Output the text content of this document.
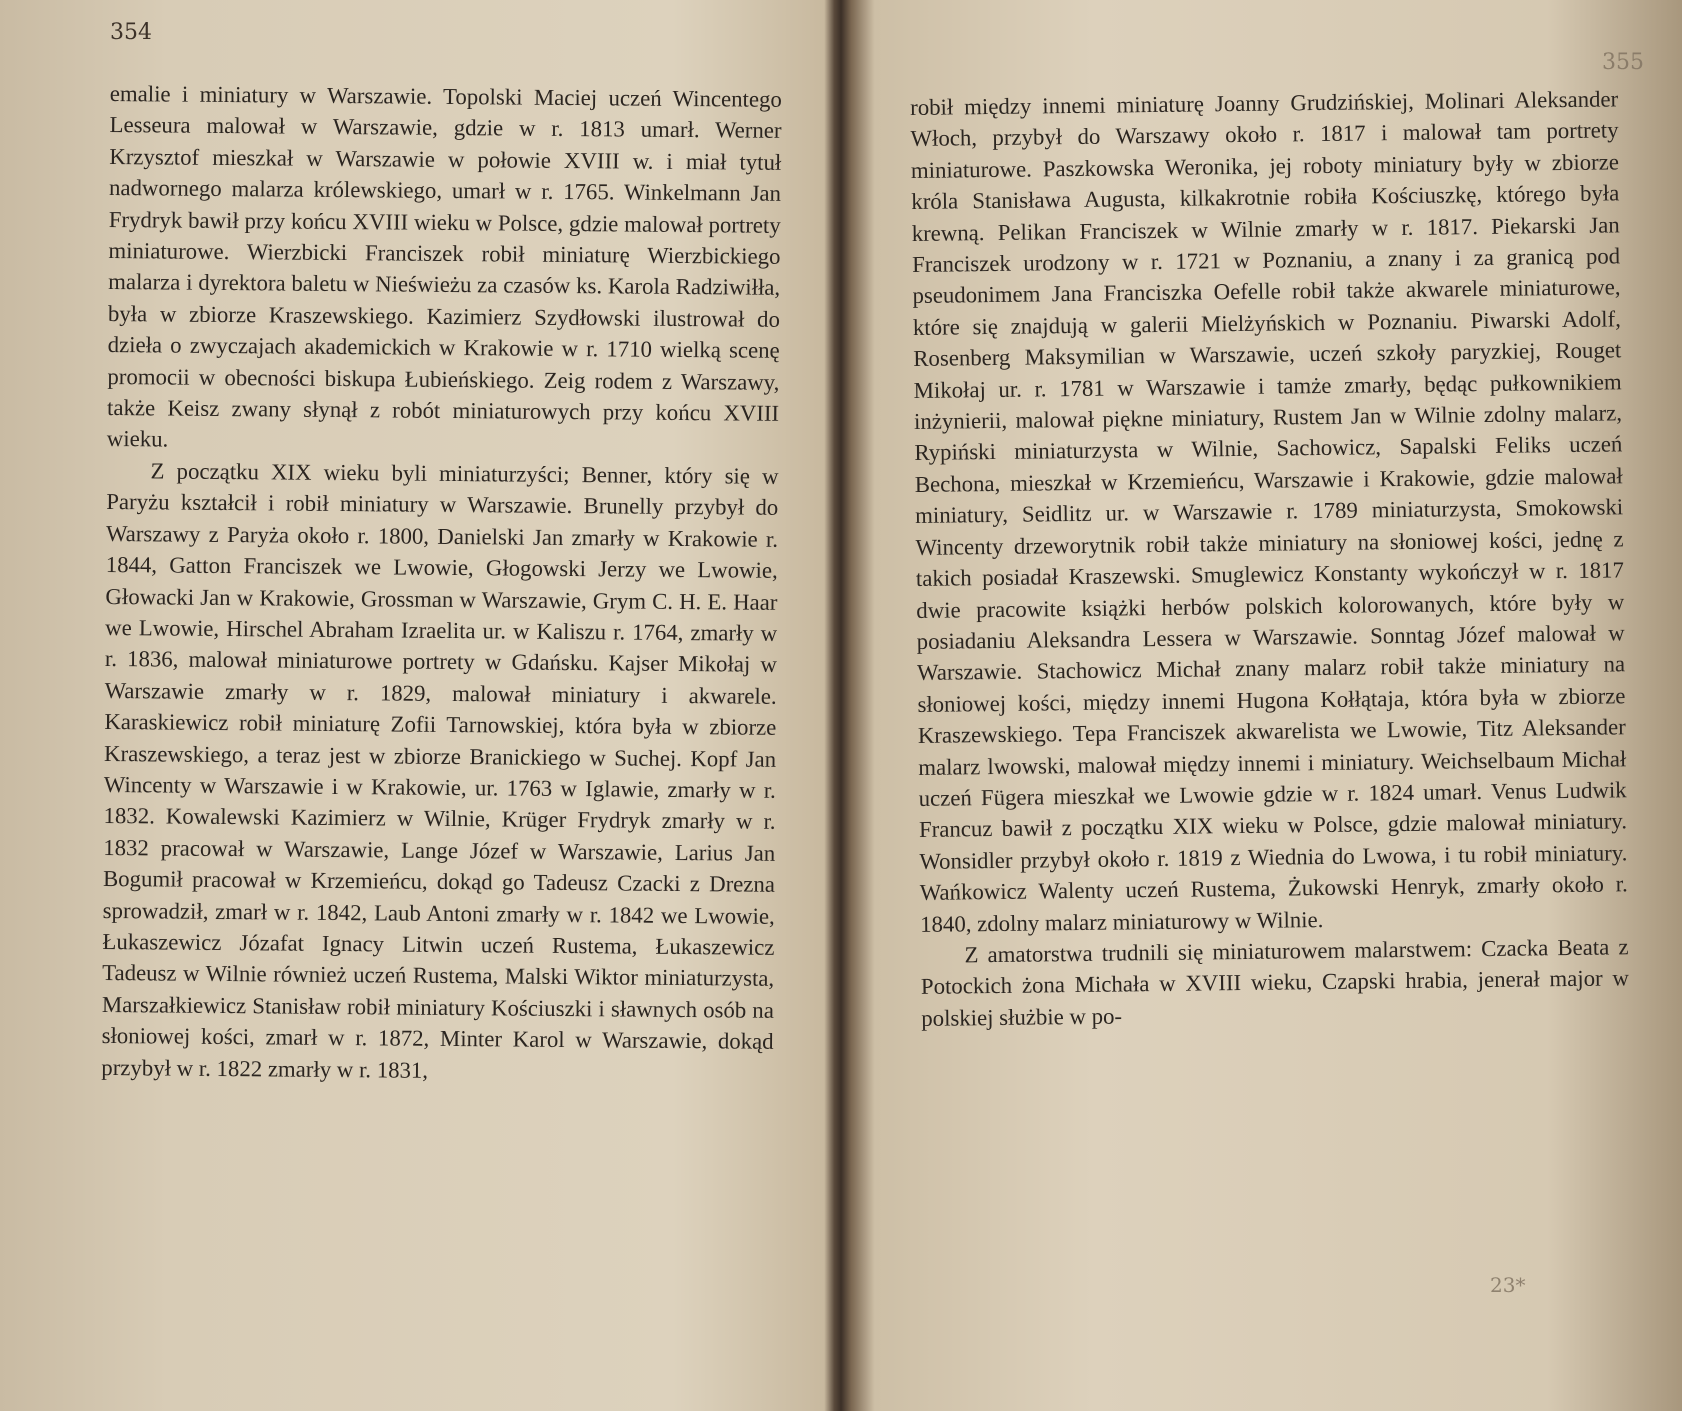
354

emalie i miniatury w Warszawie. Topolski Maciej uczeń Wincentego Lesseura malował w Warszawie, gdzie w r. 1813 umarł. Werner Krzysztof mieszkał w Warszawie w połowie XVIII w. i miał tytuł nadwornego malarza królewskiego, umarł w r. 1765. Winkelmann Jan Frydryk bawił przy końcu XVIII wieku w Polsce, gdzie malował portrety miniaturowe. Wierzbicki Franciszek robił miniaturę Wierzbickiego malarza i dyrektora baletu w Nieświeżu za czasów ks. Karola Radziwiłła, była w zbiorze Kraszewskiego. Kazimierz Szydłowski ilustrował do dzieła o zwyczajach akademickich w Krakowie w r. 1710 wielką scenę promocii w obecności biskupa Łubieńskiego. Zeig rodem z Warszawy, także Keisz zwany słynął z robót miniaturowych przy końcu XVIII wieku.

Z początku XIX wieku byli miniaturzyści; Benner, który się w Paryżu kształcił i robił miniatury w Warszawie. Brunelly przybył do Warszawy z Paryża około r. 1800, Danielski Jan zmarły w Krakowie r. 1844, Gatton Franciszek we Lwowie, Głogowski Jerzy we Lwowie, Głowacki Jan w Krakowie, Grossman w Warszawie, Grym C. H. E. Haar we Lwowie, Hirschel Abraham Izraelita ur. w Kaliszu r. 1764, zmarły w r. 1836, malował miniaturowe portrety w Gdańsku. Kajser Mikołaj w Warszawie zmarły w r. 1829, malował miniatury i akwarele. Karaskiewicz robił miniaturę Zofii Tarnowskiej, która była w zbiorze Kraszewskiego, a teraz jest w zbiorze Branickiego w Suchej. Kopf Jan Wincenty w Warszawie i w Krakowie, ur. 1763 w Iglawie, zmarły w r. 1832. Kowalewski Kazimierz w Wilnie, Krüger Frydryk zmarły w r. 1832 pracował w Warszawie, Lange Józef w Warszawie, Larius Jan Bogumił pracował w Krzemieńcu, dokąd go Tadeusz Czacki z Drezna sprowadził, zmarł w r. 1842, Laub Antoni zmarły w r. 1842 we Lwowie, Łukaszewicz Józafat Ignacy Litwin uczeń Rustema, Łukaszewicz Tadeusz w Wilnie również uczeń Rustema, Malski Wiktor miniaturzysta, Marszałkiewicz Stanisław robił miniatury Kościuszki i sławnych osób na słoniowej kości, zmarł w r. 1872, Minter Karol w Warszawie, dokąd przybył w r. 1822 zmarły w r. 1831,

355

robił między innemi miniaturę Joanny Grudzińskiej, Molinari Aleksander Włoch, przybył do Warszawy około r. 1817 i malował tam portrety miniaturowe. Paszkowska Weronika, jej roboty miniatury były w zbiorze króla Stanisława Augusta, kilkakrotnie robiła Kościuszkę, którego była krewną. Pelikan Franciszek w Wilnie zmarły w r. 1817. Piekarski Jan Franciszek urodzony w r. 1721 w Poznaniu, a znany i za granicą pod pseudonimem Jana Franciszka Oefelle robił także akwarele miniaturowe, które się znajdują w galerii Mielżyńskich w Poznaniu. Piwarski Adolf, Rosenberg Maksymilian w Warszawie, uczeń szkoły paryzkiej, Rouget Mikołaj ur. r. 1781 w Warszawie i tamże zmarły, będąc pułkownikiem inżynierii, malował piękne miniatury, Rustem Jan w Wilnie zdolny malarz, Rypiński miniaturzysta w Wilnie, Sachowicz, Sapalski Feliks uczeń Bechona, mieszkał w Krzemieńcu, Warszawie i Krakowie, gdzie malował miniatury, Seidlitz ur. w Warszawie r. 1789 miniaturzysta, Smokowski Wincenty drzeworytnik robił także miniatury na słoniowej kości, jednę z takich posiadał Kraszewski. Smuglewicz Konstanty wykończył w r. 1817 dwie pracowite książki herbów polskich kolorowanych, które były w posiadaniu Aleksandra Lessera w Warszawie. Sonntag Józef malował w Warszawie. Stachowicz Michał znany malarz robił także miniatury na słoniowej kości, między innemi Hugona Kołłątaja, która była w zbiorze Kraszewskiego. Tepa Franciszek akwarelista we Lwowie, Titz Aleksander malarz lwowski, malował między innemi i miniatury. Weichselbaum Michał uczeń Fügera mieszkał we Lwowie gdzie w r. 1824 umarł. Venus Ludwik Francuz bawił z początku XIX wieku w Polsce, gdzie malował miniatury. Wonsidler przybył około r. 1819 z Wiednia do Lwowa, i tu robił miniatury. Wańkowicz Walenty uczeń Rustema, Żukowski Henryk, zmarły około r. 1840, zdolny malarz miniaturowy w Wilnie.

Z amatorstwa trudnili się miniaturowem malarstwem: Czacka Beata z Potockich żona Michała w XVIII wieku, Czapski hrabia, jenerał major w polskiej służbie w po-

23*
